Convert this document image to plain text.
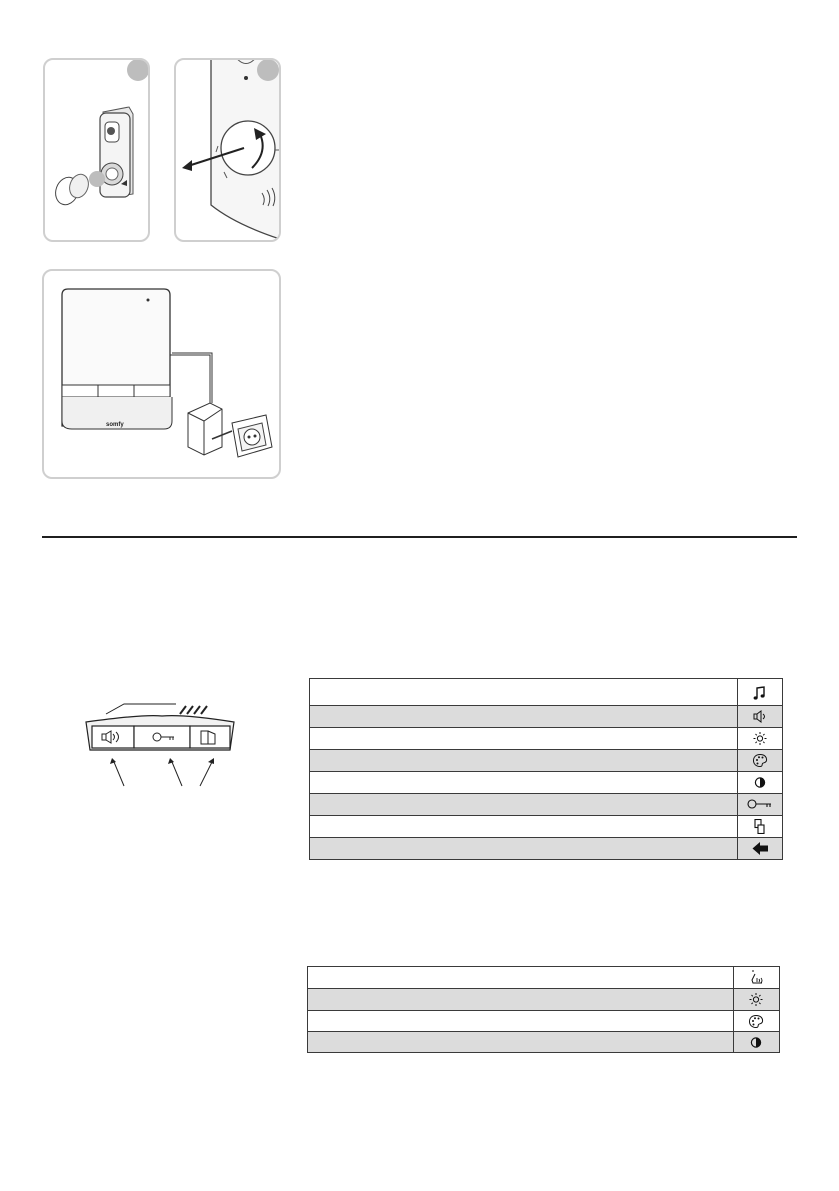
somfy
